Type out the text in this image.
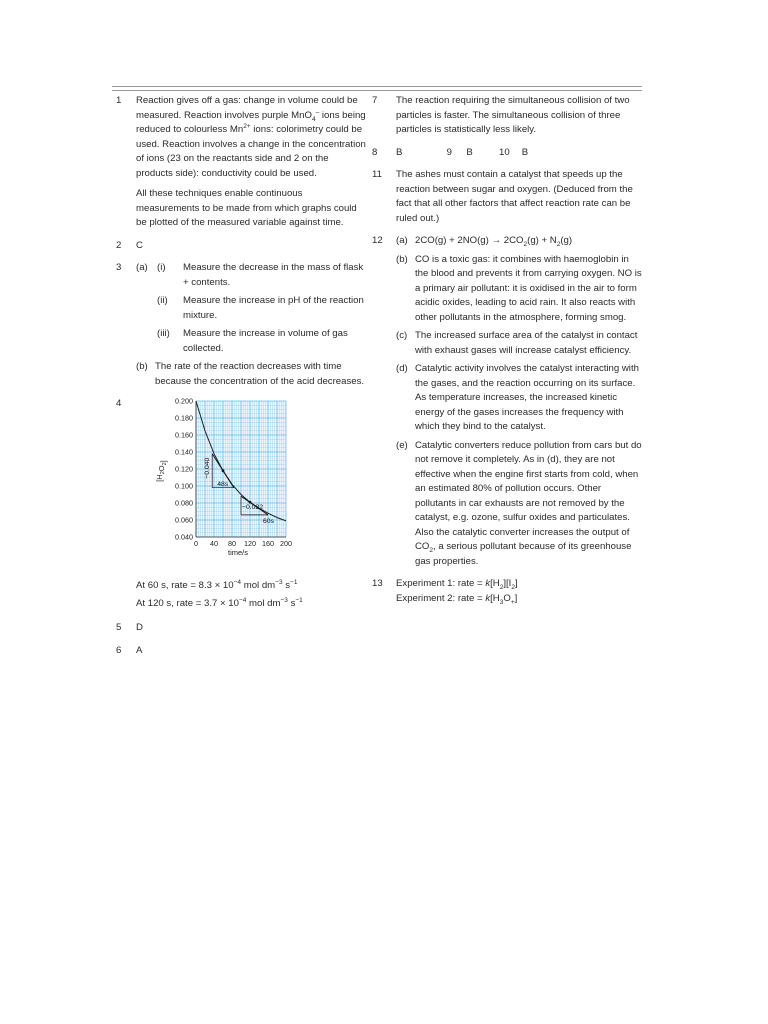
1 Reaction gives off a gas: change in volume could be measured. Reaction involves purple MnO$_4$– ions being reduced to colourless $Mn^{2+}$ ions: colorimetry could be used. Reaction involves a change in the concentration of ions (23 on the reactants side and 2 on the products side): conductivity could be used.

All these techniques enable continuous measurements to be made from which graphs could be plotted of the measured variable against time.

2 C
3 (a) (i) Measure the decrease in the mass of flask + contents.
(ii) Measure the increase in pH of the reaction mixture.
(iii) Measure the increase in volume of gas collected.
(b) The rate of the reaction decreases with time because the concentration of the acid decreases.
4
0.040
0.060
0.080
0.100
0.120
0.140
0.160
0.180
0.200
0 40 80 120 160 200
time/s
$[H_2O_2]$	−0.040
48s
−0.022
60s
At 60 s, rate = $8.3 \times 10^{-4}$ mol $dm^{-3}$ $s^{-1}$
At 120 s, rate = $3.7 \times 10^{-4}$ mol $dm^{-3}$ $s^{-1}$
5 D
6 A
7 The reaction requiring the simultaneous collision of two particles is faster. The simultaneous collision of three particles is statistically less likely.
8 B	9 B	10 B
11 The ashes must contain a catalyst that speeds up the reaction between sugar and oxygen. (Deduced from the fact that all other factors that affect reaction rate can be ruled out.)
12 (a) $2CO(g) + 2NO(g) \to 2CO_2(g) + N_2(g)$
(b) CO is a toxic gas: it combines with haemoglobin in the blood and prevents it from carrying oxygen. NO is a primary air pollutant: it is oxidised in the air to form acidic oxides, leading to acid rain. It also reacts with other pollutants in the atmosphere, forming smog.
(c) The increased surface area of the catalyst in contact with exhaust gases will increase catalyst efficiency.
(d) Catalytic activity involves the catalyst interacting with the gases, and the reaction occurring on its surface. As temperature increases, the increased kinetic energy of the gases increases the frequency with which they bind to the catalyst.
(e) Catalytic converters reduce pollution from cars but do not remove it completely. As in (d), they are not effective when the engine first starts from cold, when an estimated 80% of pollution occurs. Other pollutants in car exhausts are not removed by the catalyst, e.g. ozone, sulfur oxides and particulates. Also the catalytic converter increases the output of $CO_2$, a serious pollutant because of its greenhouse gas properties.
13 Experiment 1: rate = $k[H_2][I_2]$
Experiment 2: rate = $k[H_3O_+]$
